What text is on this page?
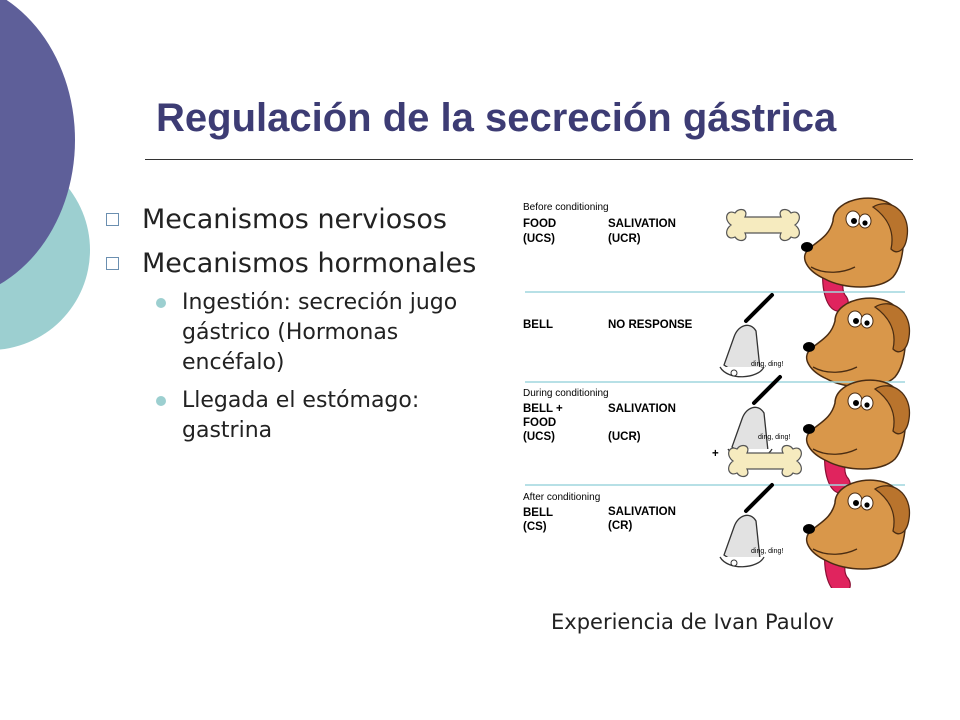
Regulación de la secreción gástrica
Mecanismos nerviosos
Mecanismos hormonales
Ingestión: secreción jugo gástrico (Hormonas encéfalo)
Llegada el estómago: gastrina
Before conditioning
FOOD
(UCS)
SALIVATION
(UCR)
BELL	NO RESPONSE
ding, ding!
During conditioning
BELL +
FOOD
(UCS)
SALIVATION
(UCR)	ding, ding!
+
After conditioning
BELL
(CS)
SALIVATION
(CR)
ding, ding!
Experiencia de Ivan Paulov
